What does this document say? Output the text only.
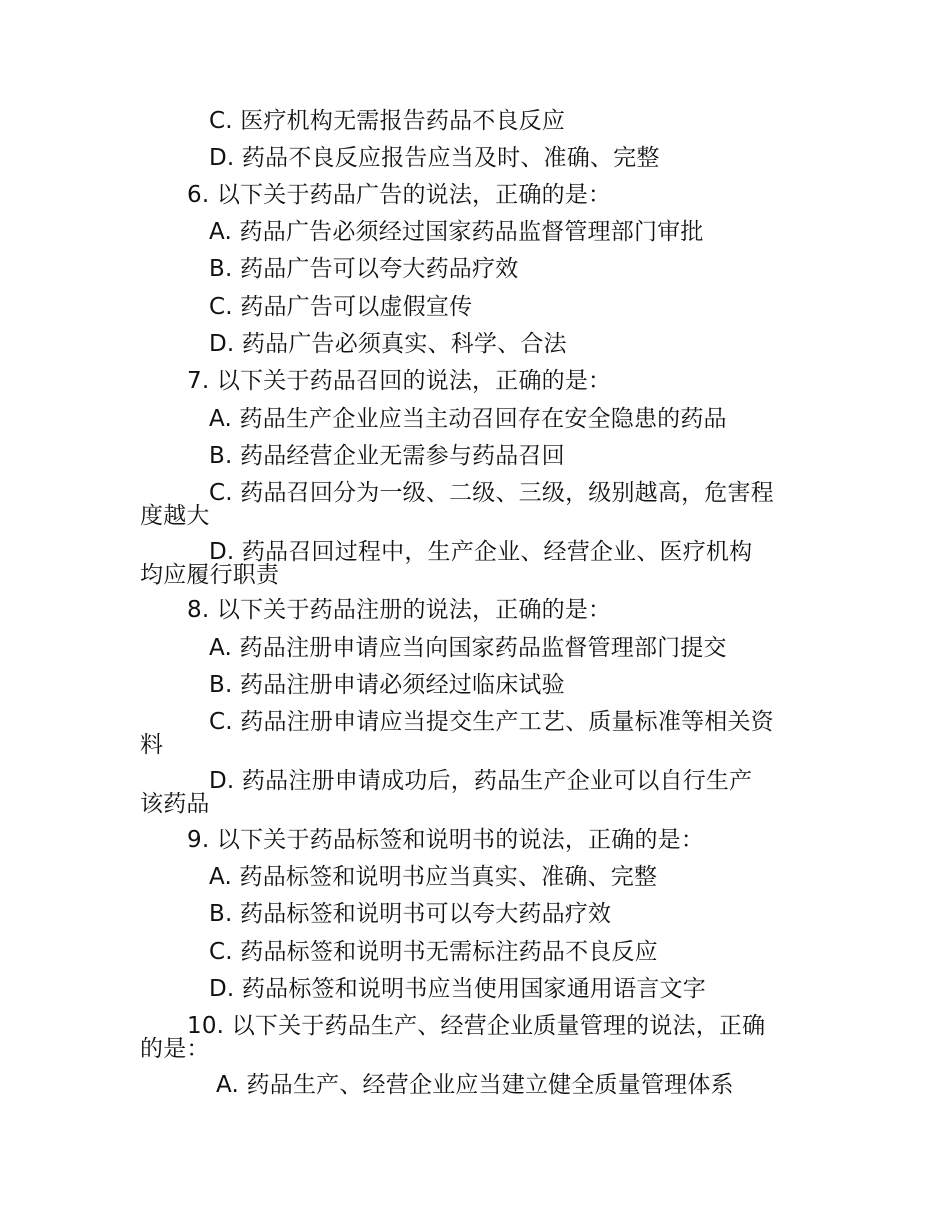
C. 医疗机构无需报告药品不良反应

D. 药品不良反应报告应当及时、准确、完整

6. 以下关于药品广告的说法，正确的是：

A. 药品广告必须经过国家药品监督管理部门审批

B. 药品广告可以夸大药品疗效

C. 药品广告可以虚假宣传

D. 药品广告必须真实、科学、合法

7. 以下关于药品召回的说法，正确的是：

A. 药品生产企业应当主动召回存在安全隐患的药品

B. 药品经营企业无需参与药品召回

C. 药品召回分为一级、二级、三级，级别越高，危害程

度越大

D. 药品召回过程中，生产企业、经营企业、医疗机构

均应履行职责

8. 以下关于药品注册的说法，正确的是：

A. 药品注册申请应当向国家药品监督管理部门提交

B. 药品注册申请必须经过临床试验

C. 药品注册申请应当提交生产工艺、质量标准等相关资

料

D. 药品注册申请成功后，药品生产企业可以自行生产

该药品

9. 以下关于药品标签和说明书的说法，正确的是：

A. 药品标签和说明书应当真实、准确、完整

B. 药品标签和说明书可以夸大药品疗效

C. 药品标签和说明书无需标注药品不良反应

D. 药品标签和说明书应当使用国家通用语言文字

10. 以下关于药品生产、经营企业质量管理的说法，正确

的是：

A. 药品生产、经营企业应当建立健全质量管理体系
